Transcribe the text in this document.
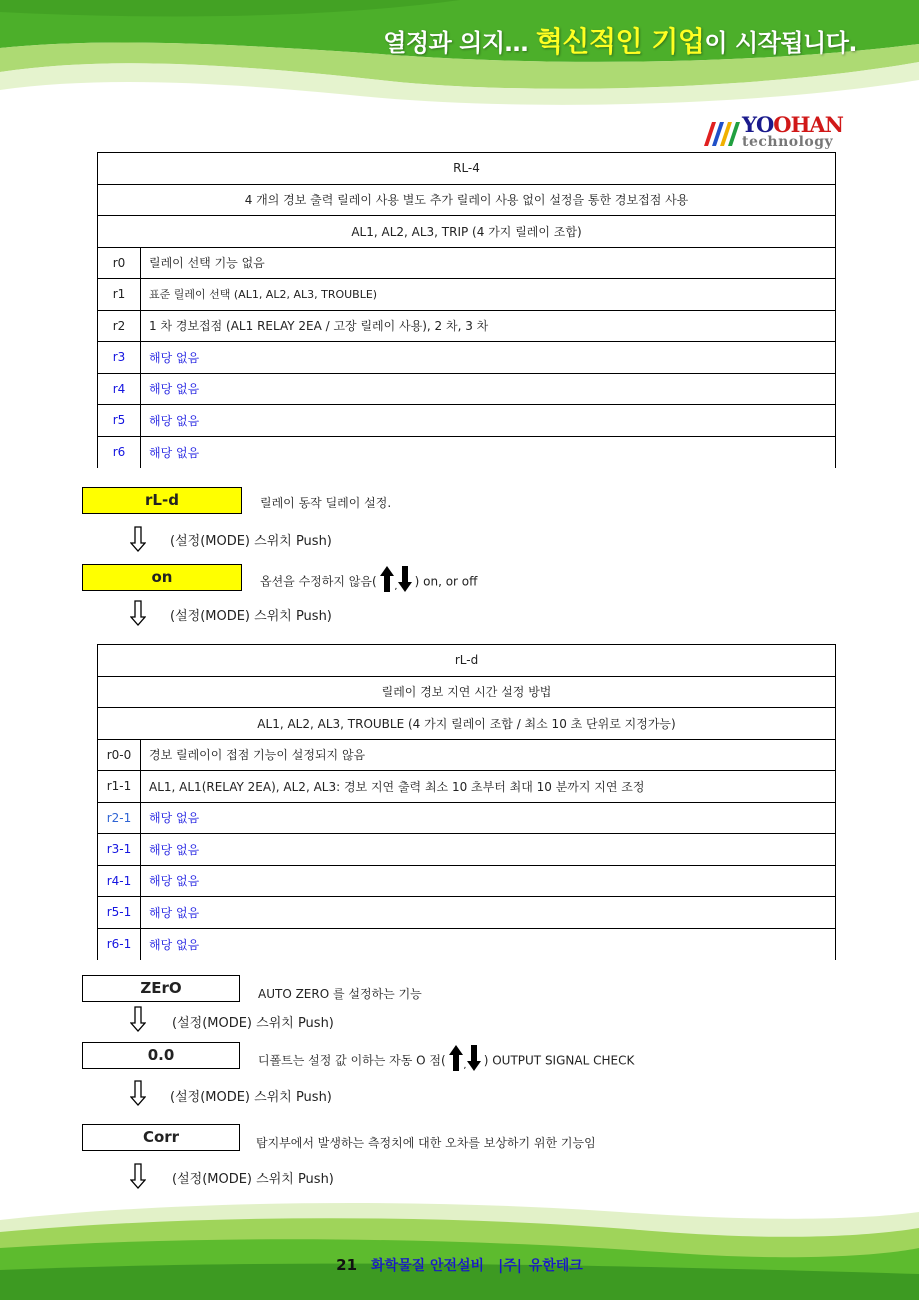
열정과 의지… 혁신적인 기업이 시작됩니다.
YOOHAN
technology
RL-4	
4 개의 경보 출력 릴레이 사용 별도 추가 릴레이 사용 없이 설정을 통한 경보접점 사용	
AL1, AL2, AL3, TRIP (4 가지 릴레이 조합)	
r0	릴레이 선택 기능 없음
r1	표준 릴레이 선택 (AL1, AL2, AL3, TROUBLE)
r2	1 차 경보접점 (AL1 RELAY 2EA / 고장 릴레이 사용), 2 차, 3 차
r3	해당 없음
r4	해당 없음
r5	해당 없음
r6	해당 없음
rL-d	릴레이 동작 딜레이 설정.
(설정(MODE) 스위치 Push)
on	옵션을 수정하지 않음( , ) on, or off
(설정(MODE) 스위치 Push)
rL-d	
릴레이 경보 지연 시간 설정 방법	
AL1, AL2, AL3, TROUBLE (4 가지 릴레이 조합 / 최소 10 초 단위로 지정가능)	
r0-0	경보 릴레이이 접점 기능이 설정되지 않음
r1-1	AL1, AL1(RELAY 2EA), AL2, AL3: 경보 지연 출력 최소 10 초부터 최대 10 분까지 지연 조정
r2-1	해당 없음
r3-1	해당 없음
r4-1	해당 없음
r5-1	해당 없음
r6-1	해당 없음
ZErO	AUTO ZERO 를 설정하는 기능
(설정(MODE) 스위치 Push)
0.0	디폴트는 설정 값 이하는 자동 O 점( , ) OUTPUT SIGNAL CHECK
(설정(MODE) 스위치 Push)
Corr	탐지부에서 발생하는 측정치에 대한 오차를 보상하기 위한 기능임
(설정(MODE) 스위치 Push)
21 화학물질 안전설비 |주| 유한테크
